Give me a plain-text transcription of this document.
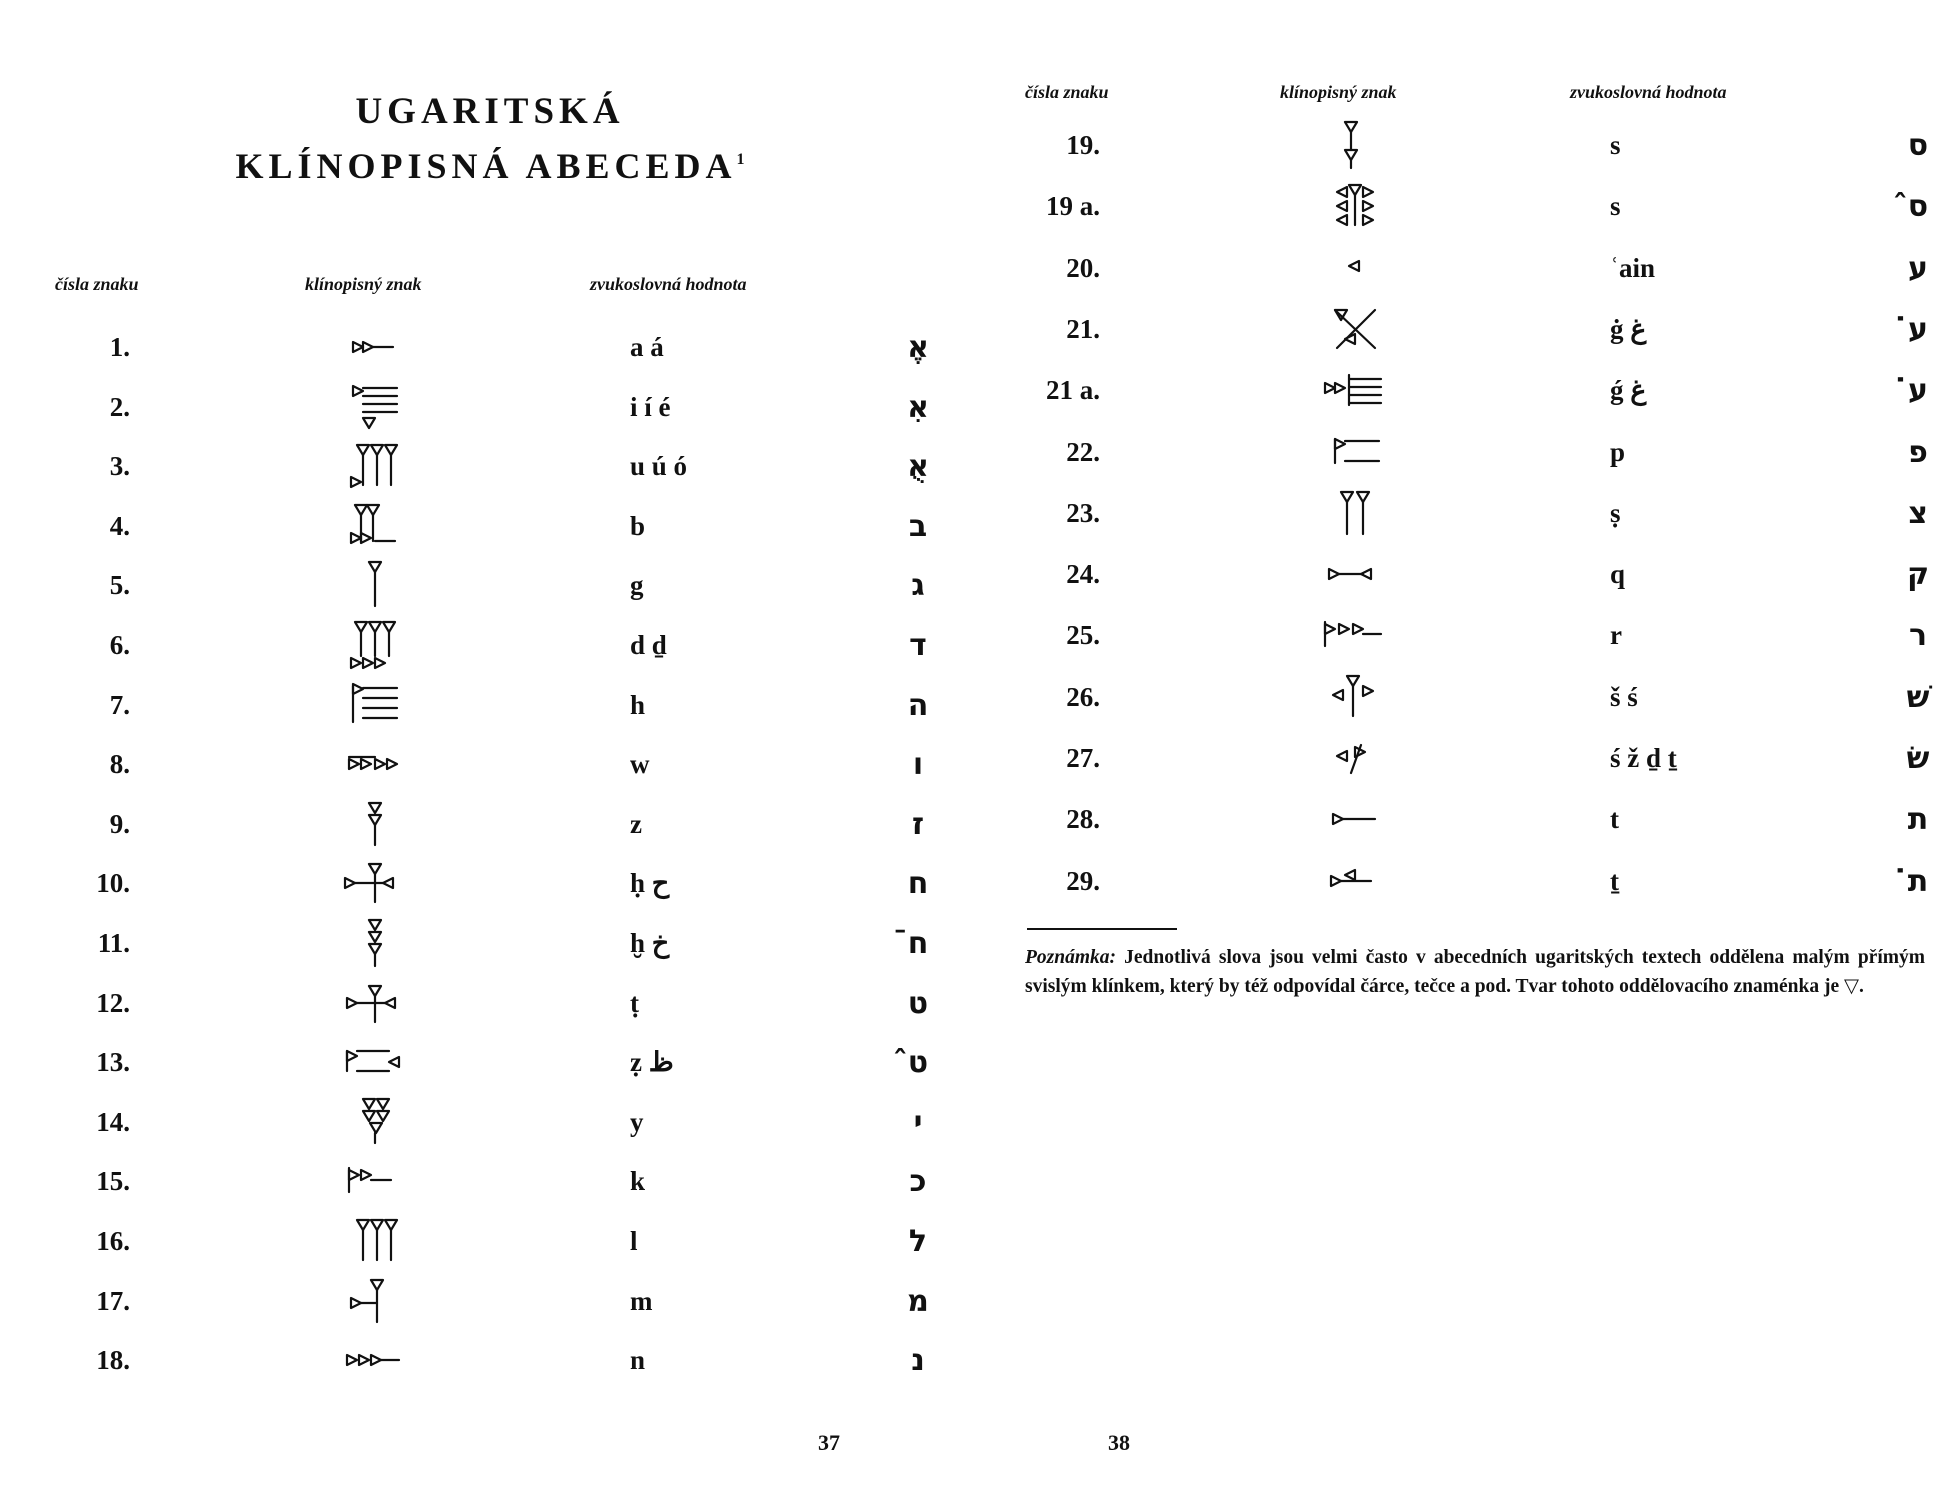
UGARITSKÁ
KLÍNOPISNÁ ABECEDA$^1$
čísla znaku	klínopisný znak	zvukoslovná hodnota
1.	a á	אֶ
2.	i í é	אִ
3.	u ú ó	אֻ
4.	b	ב
5.	g	ג
6.	d ḏ	ד
7.	h	ה
8.	w	ו
9.	z	ז
10.	ḥ ح	ח
11.	ḫ خ	ח̄
12.	ṭ	ט
13.	ẓ ظ	ט̂
14.	y	י
15.	k	כ
16.	l	ל
17.	m	מ
18.	n	נ
37
čísla znaku	klínopisný znak	zvukoslovná hodnota
19.	s	ס
19 a.	s	ס̂
20.	ʿain	ע
21.	ġ غ	ע̇
21 a.	ǵ غ	ע̇
22.	p	פ
23.	ṣ	צ
24.	q	ק
25.	r	ר
26.	š ś	שׁ
27.	ś ž ḏ ṯ	שׂ
28.	t	ת
29.	ṯ	ת̇
38
Poznámka: Jednotlivá slova jsou velmi často v abecedních ugaritských textech oddělena malým přímým svislým klínkem, který by též odpovídal čárce, tečce a pod. Tvar tohoto oddělovacího znaménka je ▽.
